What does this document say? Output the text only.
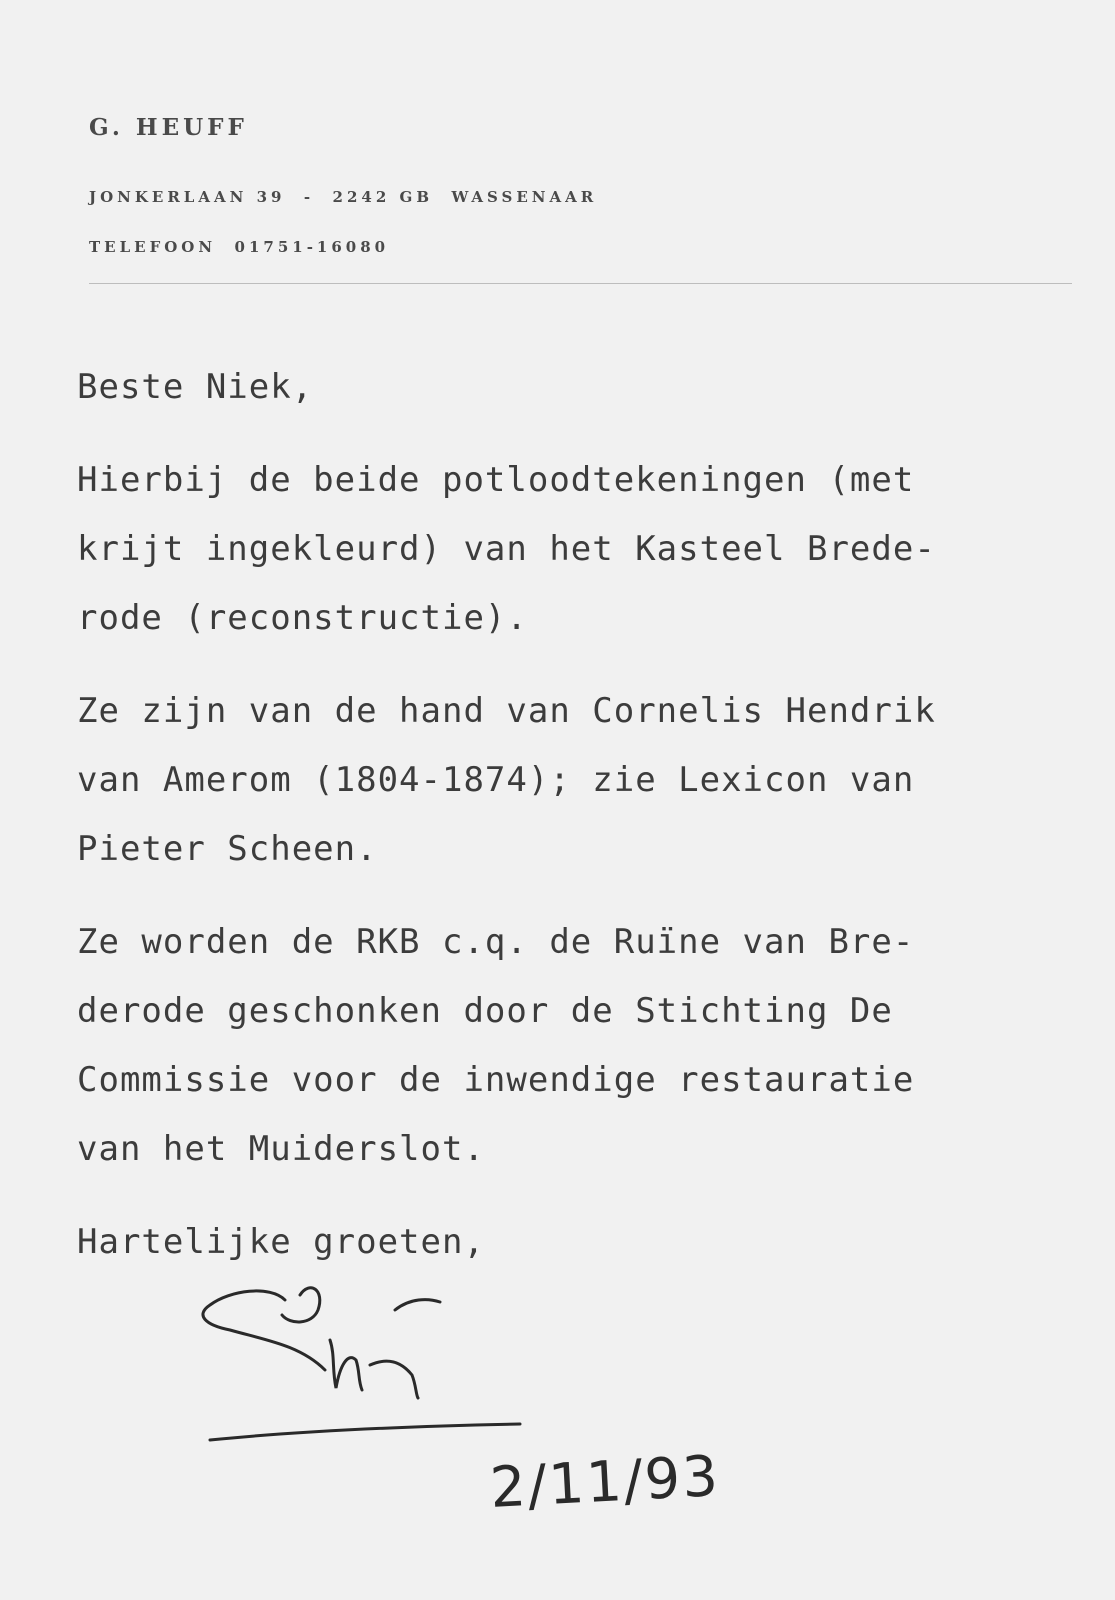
G. HEUFF
JONKERLAAN 39  -  2242 GB  WASSENAAR
TELEFOON  01751-16080

Beste Niek,

Hierbij de beide potloodtekeningen (met
krijt ingekleurd) van het Kasteel Brede-
rode (reconstructie).

Ze zijn van de hand van Cornelis Hendrik
van Amerom (1804-1874); zie Lexicon van
Pieter Scheen.

Ze worden de RKB c.q. de Ruïne van Bre-
derode geschonken door de Stichting De
Commissie voor de inwendige restauratie
van het Muiderslot.

Hartelijke groeten,

2/11/93
